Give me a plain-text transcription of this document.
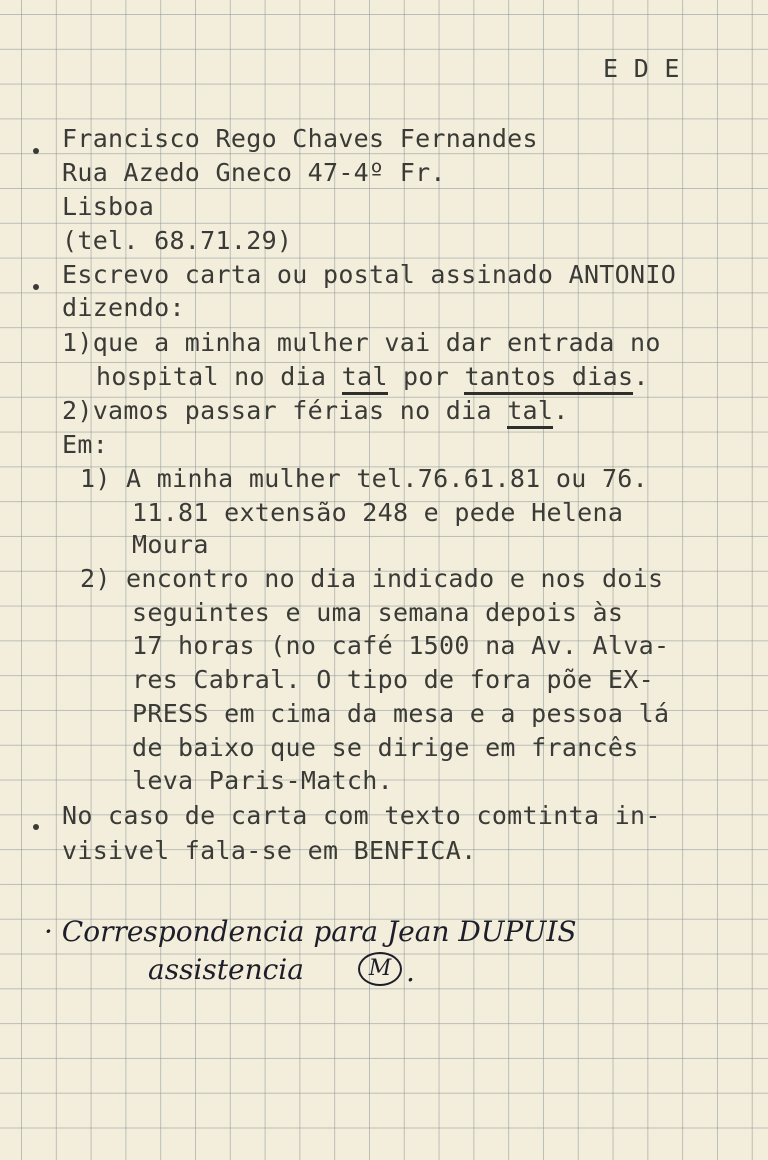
E D E
Francisco Rego Chaves Fernandes
Rua Azedo Gneco 47-4º Fr.
Lisboa
(tel. 68.71.29)
Escrevo carta ou postal assinado ANTONIO
dizendo:
1)que a minha mulher vai dar entrada no
hospital no dia tal por tantos dias.
2)vamos passar férias no dia tal.
Em:
1) A minha mulher tel.76.61.81 ou 76.
11.81 extensão 248 e pede Helena
Moura
2) encontro no dia indicado e nos dois
seguintes e uma semana depois às
17 horas (no café 1500 na Av. Alva-
res Cabral. O tipo de fora põe EX-
PRESS em cima da mesa e a pessoa lá
de baixo que se dirige em francês
leva Paris-Match.
No caso de carta com texto comtinta in-
visivel fala-se em BENFICA.
· Correspondencia para Jean DUPUIS
assistencia	M .
